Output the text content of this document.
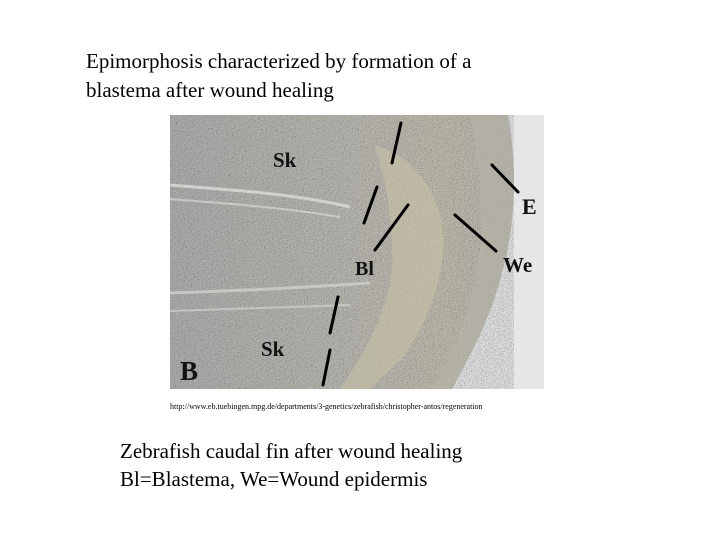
Epimorphosis characterized by formation of a
blastema after wound healing
Sk
E
Bl	We
Sk
B
http://www.eb.tuebingen.mpg.de/departments/3-genetics/zebrafish/christopher-antos/regeneration
Zebrafish caudal fin after wound healing
Bl=Blastema, We=Wound epidermis
